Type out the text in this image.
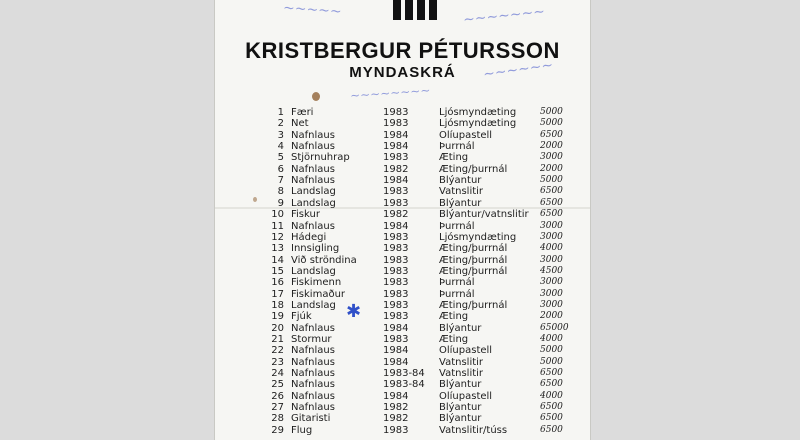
~~~~~	~~~~~~~
~~~~~~
~~~~~~~~
KRISTBERGUR PÉTURSSON
MYNDASKRÁ
1 Færi	1983	Ljósmyndæting	5000
2 Net	1983	Ljósmyndæting	5000
3 Nafnlaus	1984	Olíupastell	6500
4 Nafnlaus	1984	Þurrnál	2000
5 Stjörnuhrap	1983	Æting	3000
6 Nafnlaus	1982	Æting/þurrnál	2000
7 Nafnlaus	1984	Blýantur	5000
8 Landslag	1983	Vatnslitir	6500
9 Landslag	1983	Blýantur	6500
10 Fiskur	1982	Blýantur/vatnslitir 6500
11 Nafnlaus	1984	Þurrnál	3000
12 Hádegi	1983	Ljósmyndæting	3000
13 Innsigling	1983	Æting/þurrnál	4000
14 Við ströndina	1983	Æting/þurrnál	3000
15 Landslag	1983	Æting/þurrnál	4500
16 Fiskimenn	1983	Þurrnál	3000
17 Fiskimaður	1983	Þurrnál	3000
18 Landslag	1983	Æting/þurrnál	3000
19 Fjúk	1983	Æting	2000
20 Nafnlaus	1984	Blýantur	65000
21 Stormur	1983	Æting	4000
22 Nafnlaus	1984	Olíupastell	5000
23 Nafnlaus	1984	Vatnslitir	5000
24 Nafnlaus	1983-84 Vatnslitir	6500
25 Nafnlaus	1983-84 Blýantur	6500
26 Nafnlaus	1984	Olíupastell	4000
27 Nafnlaus	1982	Blýantur	6500
28 Gitaristi	1982	Blýantur	6500
29 Flug	1983	Vatnslitir/túss	6500
✱
